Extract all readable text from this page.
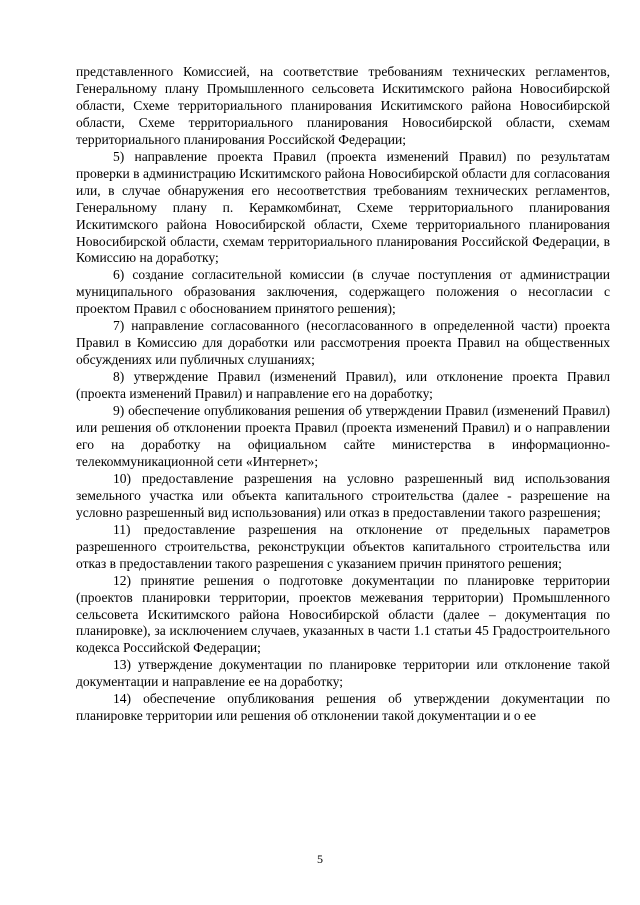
представленного Комиссией, на соответствие требованиям технических регламентов, Генеральному плану Промышленного сельсовета Искитимского района Новосибирской области, Схеме территориального планирования Искитимского района Новосибирской области, Схеме территориального планирования Новосибирской области, схемам территориального планирования Российской Федерации;

5) направление проекта Правил (проекта изменений Правил) по результатам проверки в администрацию Искитимского района Новосибирской области для согласования или, в случае обнаружения его несоответствия требованиям технических регламентов, Генеральному плану п. Керамкомбинат, Схеме территориального планирования Искитимского района Новосибирской области, Схеме территориального планирования Новосибирской области, схемам территориального планирования Российской Федерации, в Комиссию на доработку;

6) создание согласительной комиссии (в случае поступления от администрации муниципального образования заключения, содержащего положения о несогласии с проектом Правил с обоснованием принятого решения);

7) направление согласованного (несогласованного в определенной части) проекта Правил в Комиссию для доработки или рассмотрения проекта Правил на общественных обсуждениях или публичных слушаниях;

8) утверждение Правил (изменений Правил), или отклонение проекта Правил (проекта изменений Правил) и направление его на доработку;

9) обеспечение опубликования решения об утверждении Правил (изменений Правил) или решения об отклонении проекта Правил (проекта изменений Правил) и о направлении его на доработку на официальном сайте министерства в информационно-телекоммуникационной сети «Интернет»;

10) предоставление разрешения на условно разрешенный вид использования земельного участка или объекта капитального строительства (далее - разрешение на условно разрешенный вид использования) или отказ в предоставлении такого разрешения;

11) предоставление разрешения на отклонение от предельных параметров разрешенного строительства, реконструкции объектов капитального строительства или отказ в предоставлении такого разрешения с указанием причин принятого решения;

12) принятие решения о подготовке документации по планировке территории (проектов планировки территории, проектов межевания территории) Промышленного сельсовета Искитимского района Новосибирской области (далее – документация по планировке), за исключением случаев, указанных в части 1.1 статьи 45 Градостроительного кодекса Российской Федерации;

13) утверждение документации по планировке территории или отклонение такой документации и направление ее на доработку;

14) обеспечение опубликования решения об утверждении документации по планировке территории или решения об отклонении такой документации и о ее

5
